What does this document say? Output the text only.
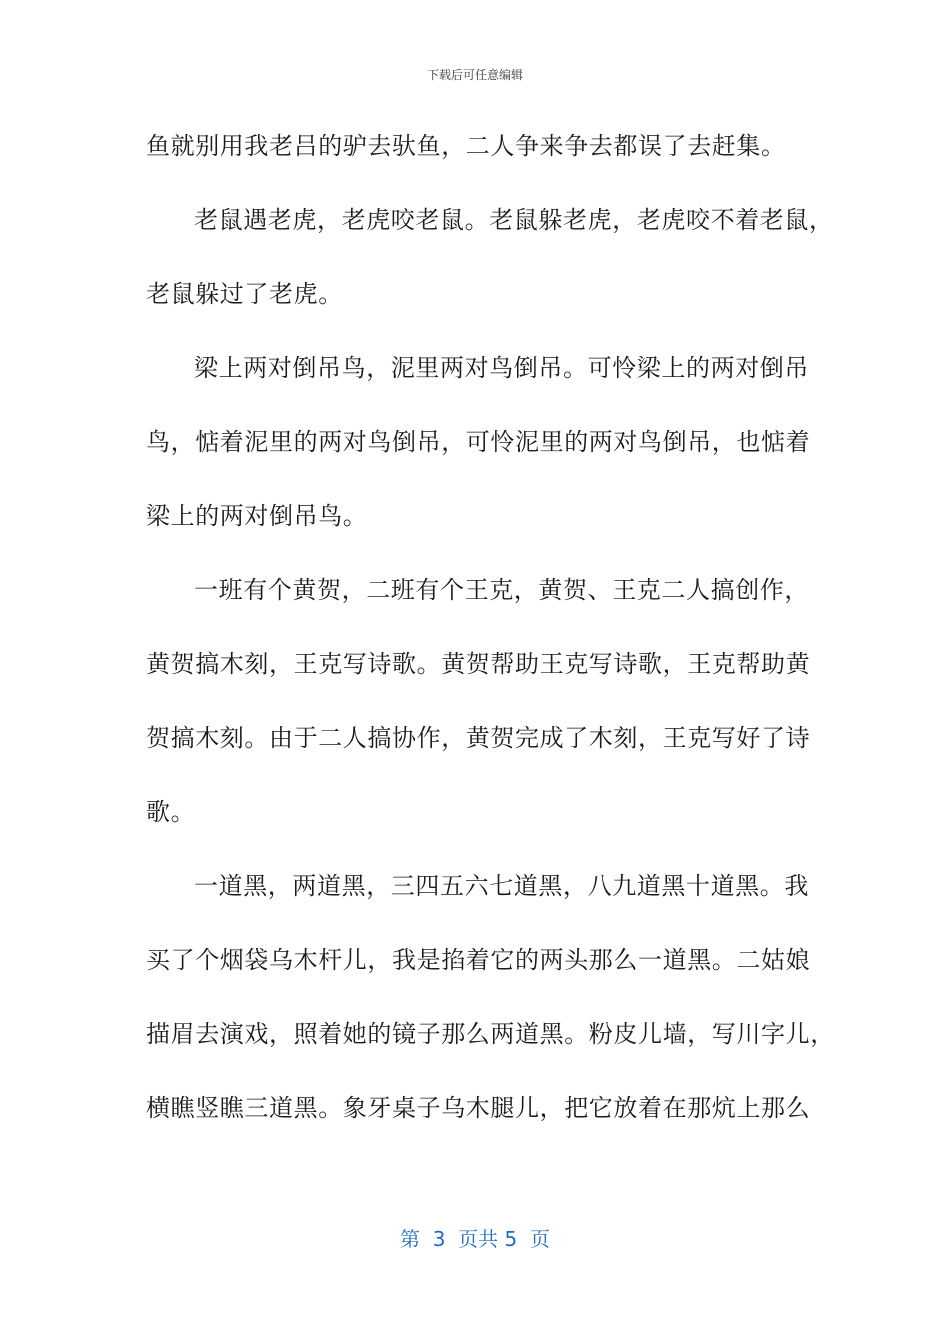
下载后可任意编辑
鱼就别用我老吕的驴去驮鱼，二人争来争去都误了去赶集。
老鼠遇老虎，老虎咬老鼠。老鼠躲老虎，老虎咬不着老鼠，
老鼠躲过了老虎。
梁上两对倒吊鸟，泥里两对鸟倒吊。可怜梁上的两对倒吊
鸟，惦着泥里的两对鸟倒吊，可怜泥里的两对鸟倒吊，也惦着
梁上的两对倒吊鸟。
一班有个黄贺，二班有个王克，黄贺、王克二人搞创作，
黄贺搞木刻，王克写诗歌。黄贺帮助王克写诗歌，王克帮助黄
贺搞木刻。由于二人搞协作，黄贺完成了木刻，王克写好了诗
歌。
一道黑，两道黑，三四五六七道黑，八九道黑十道黑。我
买了个烟袋乌木杆儿，我是掐着它的两头那么一道黑。二姑娘
描眉去演戏，照着她的镜子那么两道黑。粉皮儿墙，写川字儿，
横瞧竖瞧三道黑。象牙桌子乌木腿儿，把它放着在那炕上那么
第  3  页共 5  页
